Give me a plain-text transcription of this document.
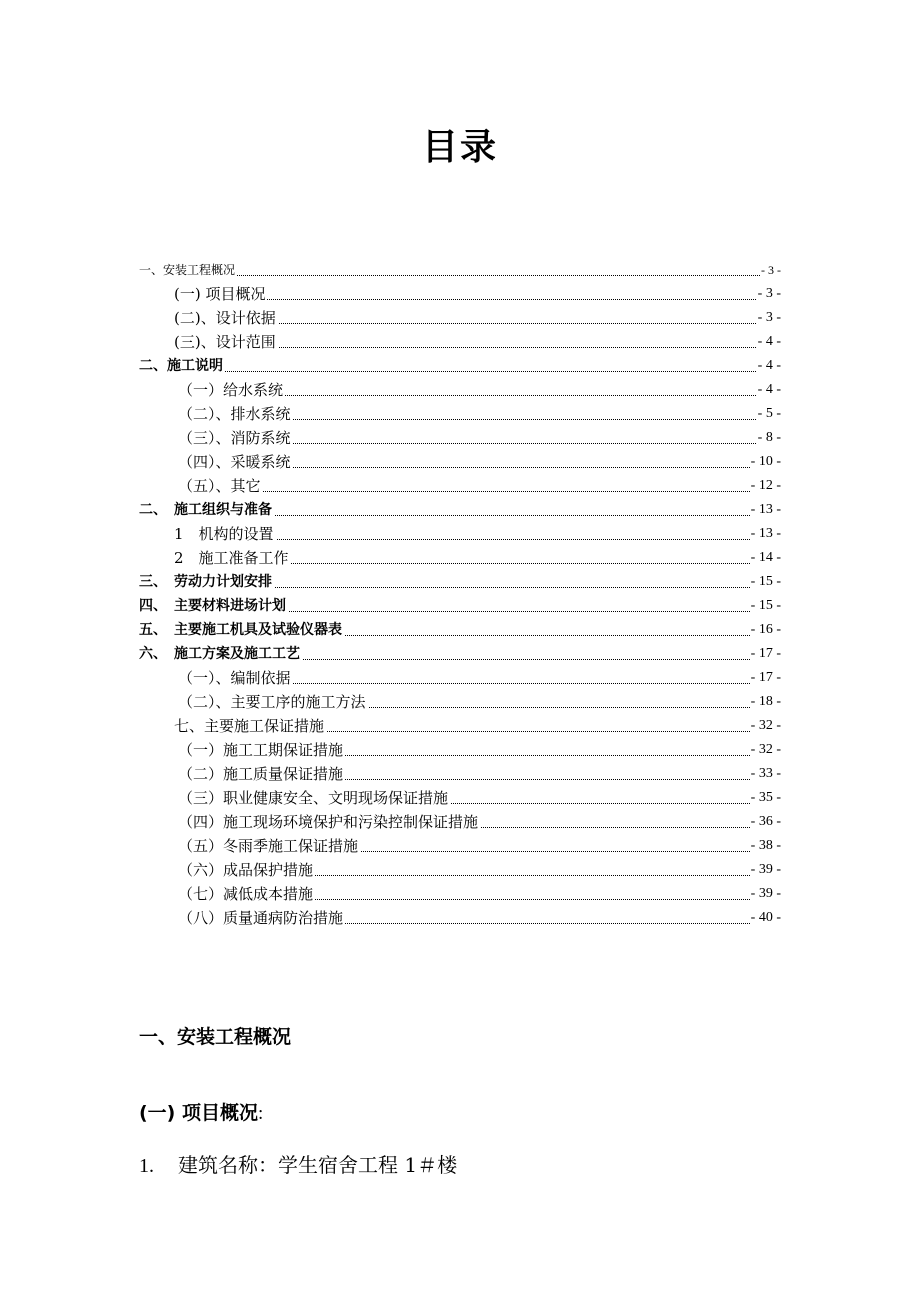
目录
一、安装工程概况	- 3 -
(一) 项目概况	- 3 -
(二)、设计依据	- 3 -
(三)、设计范围	- 4 -
二、施工说明	- 4 -
（一）给水系统	- 4 -
（二）、排水系统	- 5 -
（三）、消防系统	- 8 -
（四）、采暖系统	- 10 -
（五）、其它	- 12 -
二、　施工组织与准备	- 13 -
1　机构的设置	- 13 -
2　施工准备工作	- 14 -
三、　劳动力计划安排	- 15 -
四、　主要材料进场计划	- 15 -
五、　主要施工机具及试验仪器表	- 16 -
六、　施工方案及施工工艺	- 17 -
（一）、编制依据	- 17 -
（二）、主要工序的施工方法	- 18 -
七、主要施工保证措施	- 32 -
（一）施工工期保证措施	- 32 -
（二）施工质量保证措施	- 33 -
（三）职业健康安全、文明现场保证措施	- 35 -
（四）施工现场环境保护和污染控制保证措施	- 36 -
（五）冬雨季施工保证措施	- 38 -
（六）成品保护措施	- 39 -
（七）减低成本措施	- 39 -
（八）质量通病防治措施	- 40 -
一、安装工程概况
(一) 项目概况:
1. 建筑名称：学生宿舍工程 1＃楼
